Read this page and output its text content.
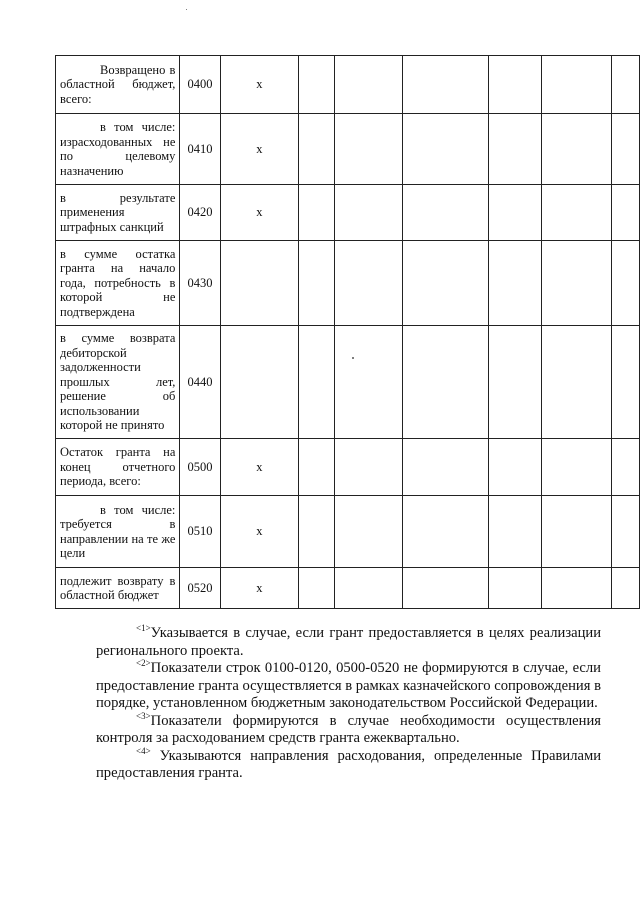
Возвращено в областной бюджет, всего:	0400	x						

в том числе: израсходованных не по целевому назначению	0410	x						

в результате применения штрафных санкций	0420	x						

в сумме остатка гранта на начало года, потребность в которой не подтверждена	0430							

в сумме возврата дебиторской задолженности прошлых лет, решение об использовании которой не принято	0440							

Остаток гранта на конец отчетного периода, всего:	0500	x						

в том числе: требуется в направлении на те же цели	0510	x						

подлежит возврату в областной бюджет	0520	x						

$^{<1>}$Указывается в случае, если грант предоставляется в целях реализации регионального проекта.

$^{<2>}$Показатели строк 0100-0120, 0500-0520 не формируются в случае, если предоставление гранта осуществляется в рамках казначейского сопровождения в порядке, установленном бюджетным законодательством Российской Федерации.

$^{<3>}$Показатели формируются в случае необходимости осуществления контроля за расходованием средств гранта ежеквартально.

$^{<4>}$ Указываются направления расходования, определенные Правилами предоставления гранта.
